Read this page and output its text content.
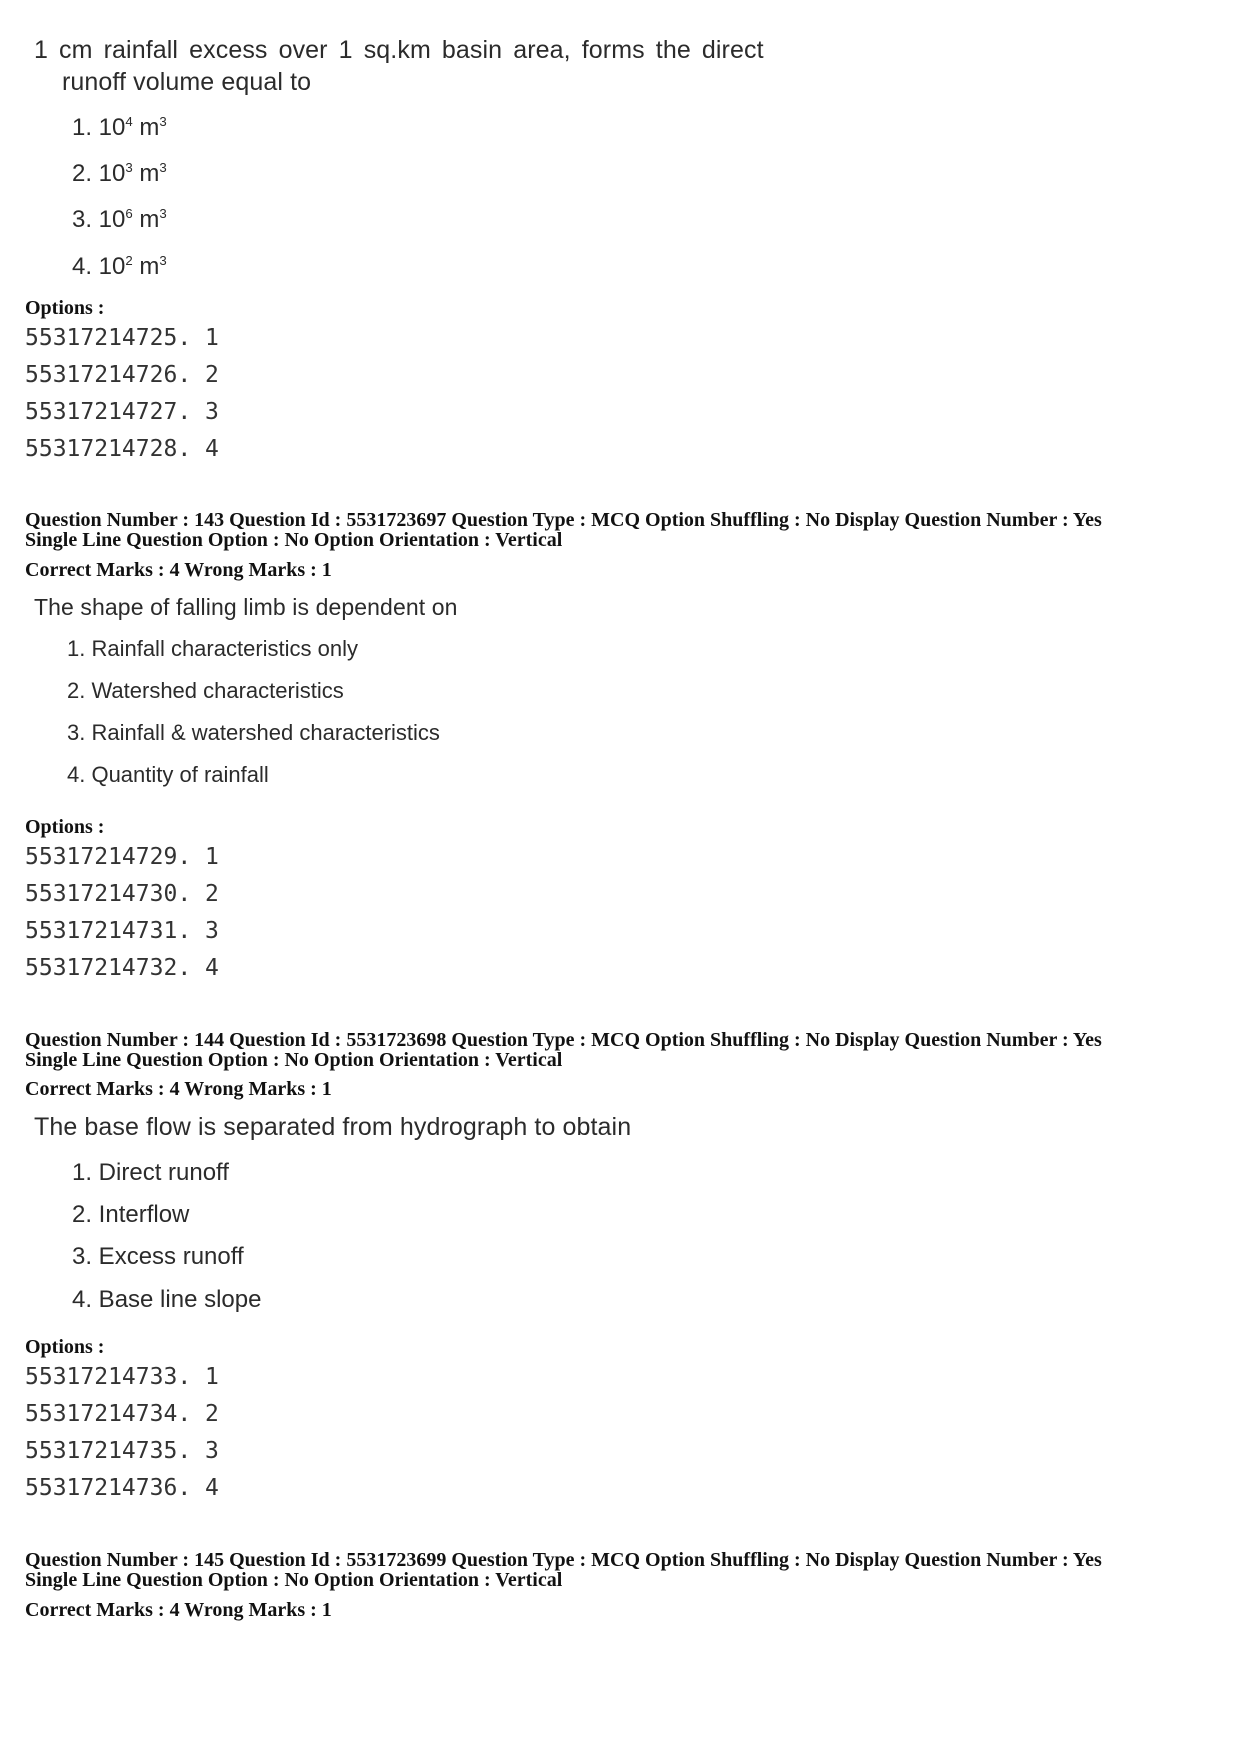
1 cm rainfall excess over 1 sq.km basin area, forms the direct
runoff volume equal to
1. $10^4$ $m^3$
2. $10^3$ $m^3$
3. $10^6$ $m^3$
4. $10^2$ $m^3$
Options :
55317214725. 1
55317214726. 2
55317214727. 3
55317214728. 4
Question Number : 143 Question Id : 5531723697 Question Type : MCQ Option Shuffling : No Display Question Number : Yes
Single Line Question Option : No Option Orientation : Vertical
Correct Marks : 4 Wrong Marks : 1
The shape of falling limb is dependent on
1. Rainfall characteristics only
2. Watershed characteristics
3. Rainfall & watershed characteristics
4. Quantity of rainfall
Options :
55317214729. 1
55317214730. 2
55317214731. 3
55317214732. 4
Question Number : 144 Question Id : 5531723698 Question Type : MCQ Option Shuffling : No Display Question Number : Yes
Single Line Question Option : No Option Orientation : Vertical
Correct Marks : 4 Wrong Marks : 1
The base flow is separated from hydrograph to obtain
1. Direct runoff
2. Interflow
3. Excess runoff
4. Base line slope
Options :
55317214733. 1
55317214734. 2
55317214735. 3
55317214736. 4
Question Number : 145 Question Id : 5531723699 Question Type : MCQ Option Shuffling : No Display Question Number : Yes
Single Line Question Option : No Option Orientation : Vertical
Correct Marks : 4 Wrong Marks : 1
